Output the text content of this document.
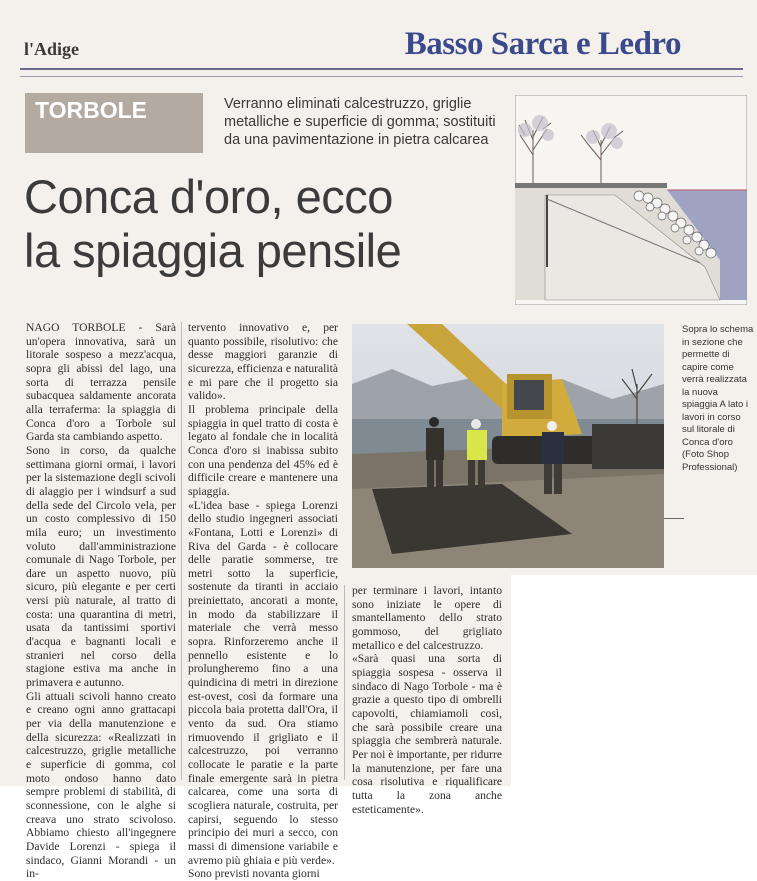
l'Adige	Basso Sarca e Ledro
TORBOLE	Verranno eliminati calcestruzzo, griglie metalliche e superficie di gomma; sostituiti da una pavimentazione in pietra calcarea
Conca d'oro, ecco
la spiaggia pensile
Sopra lo schema in sezione che permette di capire come verrà realizzata la nuova spiaggia A lato i lavori in corso sul litorale di Conca d'oro (Foto Shop Professional)

NAGO TORBOLE - Sarà un'opera innovativa, sarà un litorale sospeso a mezz'acqua, sopra gli abissi del lago, una sorta di terrazza pensile subacquea saldamente ancorata alla terraferma: la spiaggia di Conca d'oro a Torbole sul Garda sta cambiando aspetto.

Sono in corso, da qualche settimana giorni ormai, i lavori per la sistemazione degli scivoli di alaggio per i windsurf a sud della sede del Circolo vela, per un costo complessivo di 150 mila euro; un investimento voluto dall'amministrazione comunale di Nago Torbole, per dare un aspetto nuovo, più sicuro, più elegante e per certi versi più naturale, al tratto di costa: una quarantina di metri, usata da tantissimi sportivi d'acqua e bagnanti locali e stranieri nel corso della stagione estiva ma anche in primavera e autunno.

Gli attuali scivoli hanno creato e creano ogni anno grattacapi per via della manutenzione e della sicurezza: «Realizzati in calcestruzzo, griglie metalliche e superficie di gomma, col moto ondoso hanno dato sempre problemi di stabilità, di sconnessione, con le alghe si creava uno strato scivoloso. Abbiamo chiesto all'ingegnere Davide Lorenzi - spiega il sindaco, Gianni Morandi - un in-

tervento innovativo e, per quanto possibile, risolutivo: che desse maggiori garanzie di sicurezza, efficienza e naturalità e mi pare che il progetto sia valido».

Il problema principale della spiaggia in quel tratto di costa è legato al fondale che in località Conca d'oro si inabissa subito con una pendenza del 45% ed è difficile creare e mantenere una spiaggia.

«L'idea base - spiega Lorenzi dello studio ingegneri associati «Fontana, Lotti e Lorenzi» di Riva del Garda - è collocare delle paratie sommerse, tre metri sotto la superficie, sostenute da tiranti in acciaio preiniettato, ancorati a monte, in modo da stabilizzare il materiale che verrà messo sopra. Rinforzeremo anche il pennello esistente e lo prolungheremo fino a una quindicina di metri in direzione est-ovest, così da formare una piccola baia protetta dall'Ora, il vento da sud. Ora stiamo rimuovendo il grigliato e il calcestruzzo, poi verranno collocate le paratie e la parte finale emergente sarà in pietra calcarea, come una sorta di scogliera naturale, costruita, per capirsi, seguendo lo stesso principio dei muri a secco, con massi di dimensione variabile e avremo più ghiaia e più verde».

Sono previsti novanta giorni

per terminare i lavori, intanto sono iniziate le opere di smantellamento dello strato gommoso, del grigliato metallico e del calcestruzzo.

«Sarà quasi una sorta di spiaggia sospesa - osserva il sindaco di Nago Torbole - ma è grazie a questo tipo di ombrelli capovolti, chiamiamoli così, che sarà possibile creare una spiaggia che sembrerà naturale. Per noi è importante, per ridurre la manutenzione, per fare una cosa risolutiva e riqualificare tutta la zona anche esteticamente».
